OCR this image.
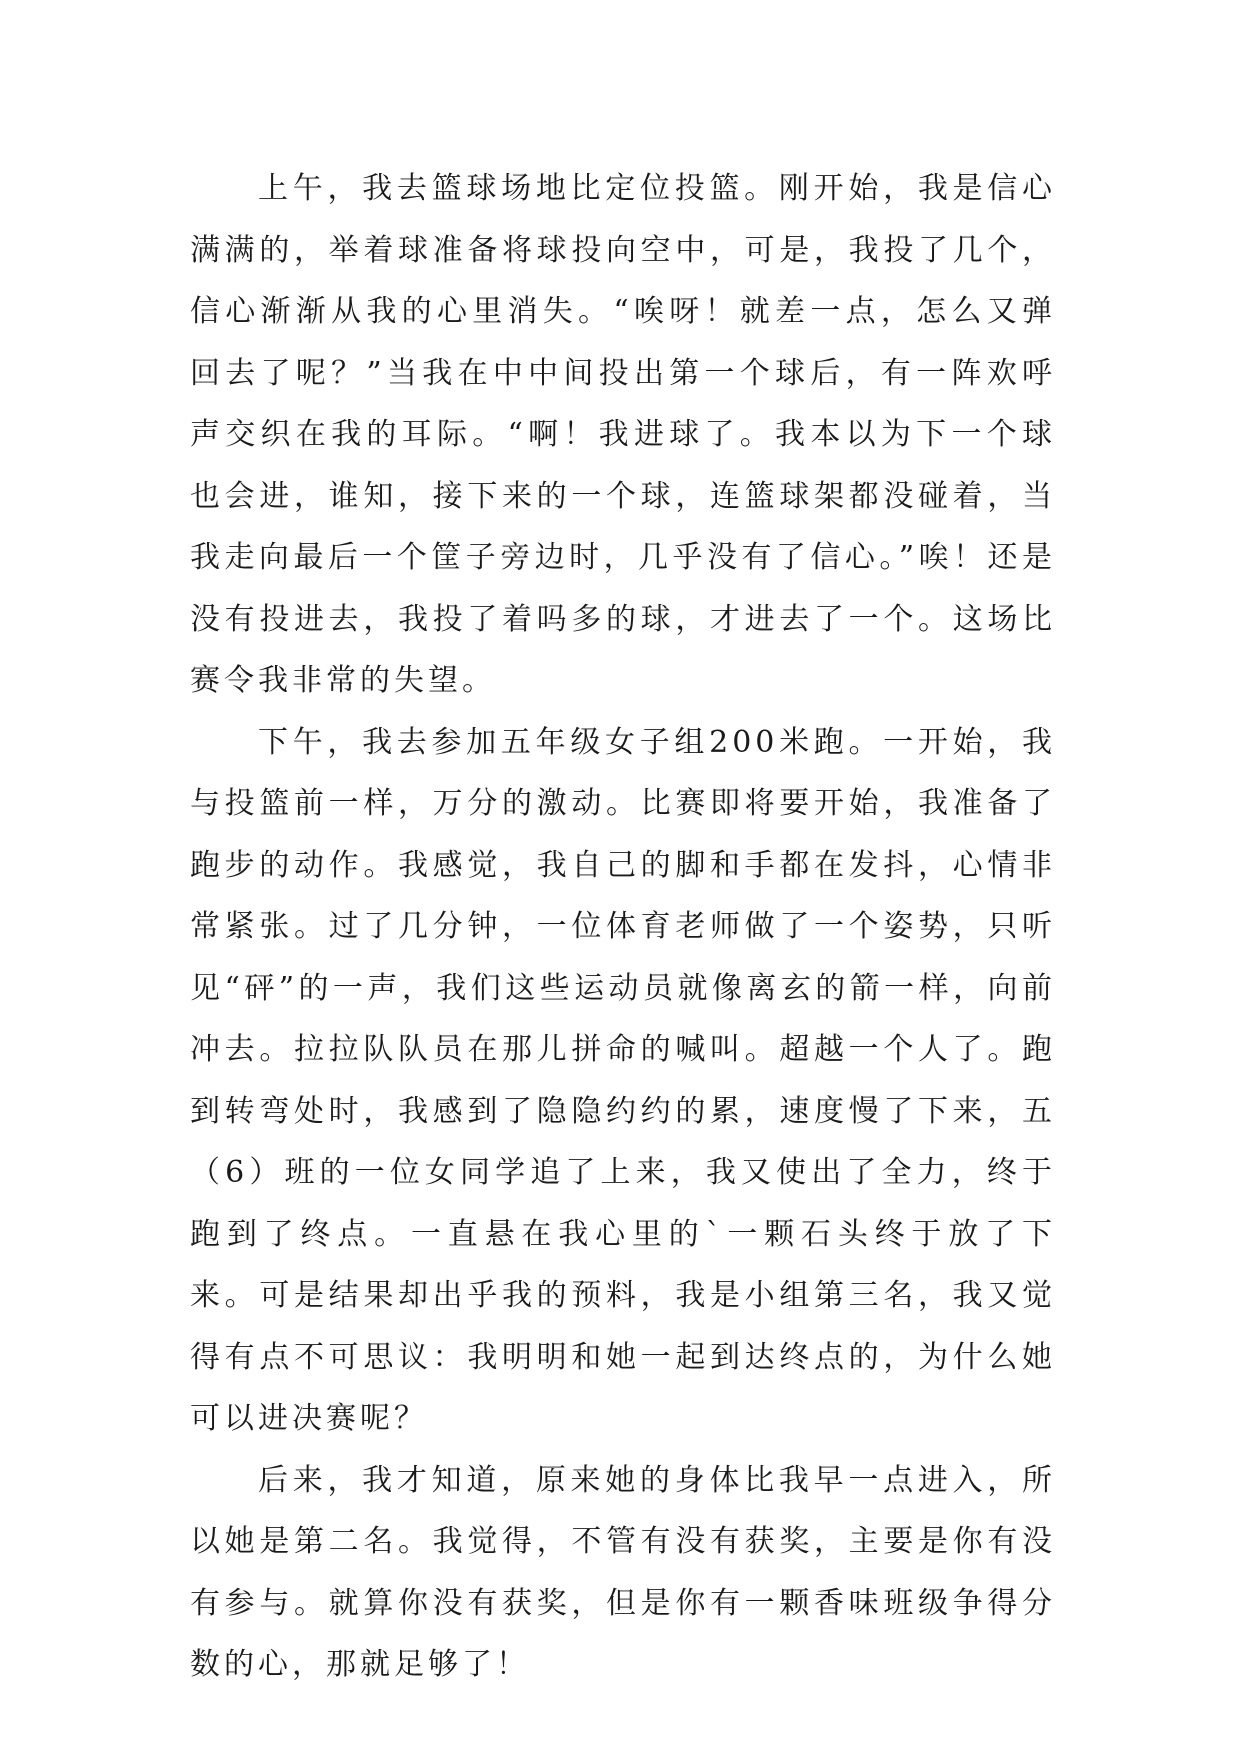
上午，我去篮球场地比定位投篮。刚开始，我是信心满满的，举着球准备将球投向空中，可是，我投了几个，信心渐渐从我的心里消失。“唉呀！就差一点，怎么又弹回去了呢？”当我在中中间投出第一个球后，有一阵欢呼声交织在我的耳际。“啊！我进球了。我本以为下一个球也会进，谁知，接下来的一个球，连篮球架都没碰着，当我走向最后一个筐子旁边时，几乎没有了信心。”唉！还是没有投进去，我投了着吗多的球，才进去了一个。这场比赛令我非常的失望。

下午，我去参加五年级女子组200米跑。一开始，我与投篮前一样，万分的激动。比赛即将要开始，我准备了跑步的动作。我感觉，我自己的脚和手都在发抖，心情非常紧张。过了几分钟，一位体育老师做了一个姿势，只听见“砰”的一声，我们这些运动员就像离玄的箭一样，向前冲去。拉拉队队员在那儿拼命的喊叫。超越一个人了。跑到转弯处时，我感到了隐隐约约的累，速度慢了下来，五（6）班的一位女同学追了上来，我又使出了全力，终于跑到了终点。一直悬在我心里的`一颗石头终于放了下来。可是结果却出乎我的预料，我是小组第三名，我又觉得有点不可思议：我明明和她一起到达终点的，为什么她可以进决赛呢？

后来，我才知道，原来她的身体比我早一点进入，所以她是第二名。我觉得，不管有没有获奖，主要是你有没有参与。就算你没有获奖，但是你有一颗香味班级争得分数的心，那就足够了！
